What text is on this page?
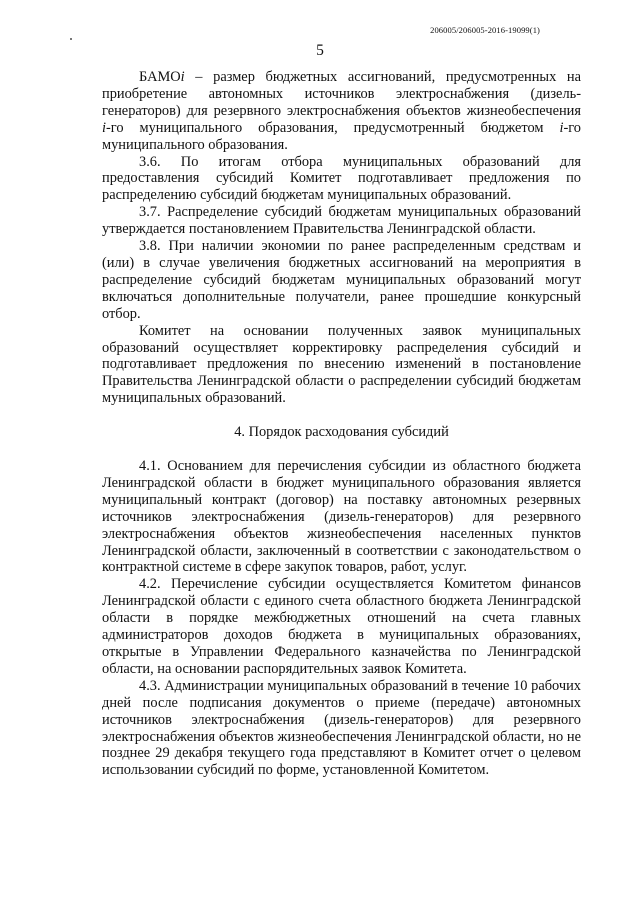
206005/206005-2016-19099(1)
5

БАМОi – размер бюджетных ассигнований, предусмотренных на приобретение автономных источников электроснабжения (дизель-генераторов) для резервного электроснабжения объектов жизнеобеспечения i-го муниципального образования, предусмотренный бюджетом i-го муниципального образования.

3.6. По итогам отбора муниципальных образований для предоставления субсидий Комитет подготавливает предложения по распределению субсидий бюджетам муниципальных образований.

3.7. Распределение субсидий бюджетам муниципальных образований утверждается постановлением Правительства Ленинградской области.

3.8. При наличии экономии по ранее распределенным средствам и (или) в случае увеличения бюджетных ассигнований на мероприятия в распределение субсидий бюджетам муниципальных образований могут включаться дополнительные получатели, ранее прошедшие конкурсный отбор.

Комитет на основании полученных заявок муниципальных образований осуществляет корректировку распределения субсидий и подготавливает предложения по внесению изменений в постановление Правительства Ленинградской области о распределении субсидий бюджетам муниципальных образований.

4. Порядок расходования субсидий

4.1. Основанием для перечисления субсидии из областного бюджета Ленинградской области в бюджет муниципального образования является муниципальный контракт (договор) на поставку автономных резервных источников электроснабжения (дизель-генераторов) для резервного электроснабжения объектов жизнеобеспечения населенных пунктов Ленинградской области, заключенный в соответствии с законодательством о контрактной системе в сфере закупок товаров, работ, услуг.

4.2. Перечисление субсидии осуществляется Комитетом финансов Ленинградской области с единого счета областного бюджета Ленинградской области в порядке межбюджетных отношений на счета главных администраторов доходов бюджета в муниципальных образованиях, открытые в Управлении Федерального казначейства по Ленинградской области, на основании распорядительных заявок Комитета.

4.3. Администрации муниципальных образований в течение 10 рабочих дней после подписания документов о приеме (передаче) автономных источников электроснабжения (дизель-генераторов) для резервного электроснабжения объектов жизнеобеспечения Ленинградской области, но не позднее 29 декабря текущего года представляют в Комитет отчет о целевом использовании субсидий по форме, установленной Комитетом.
